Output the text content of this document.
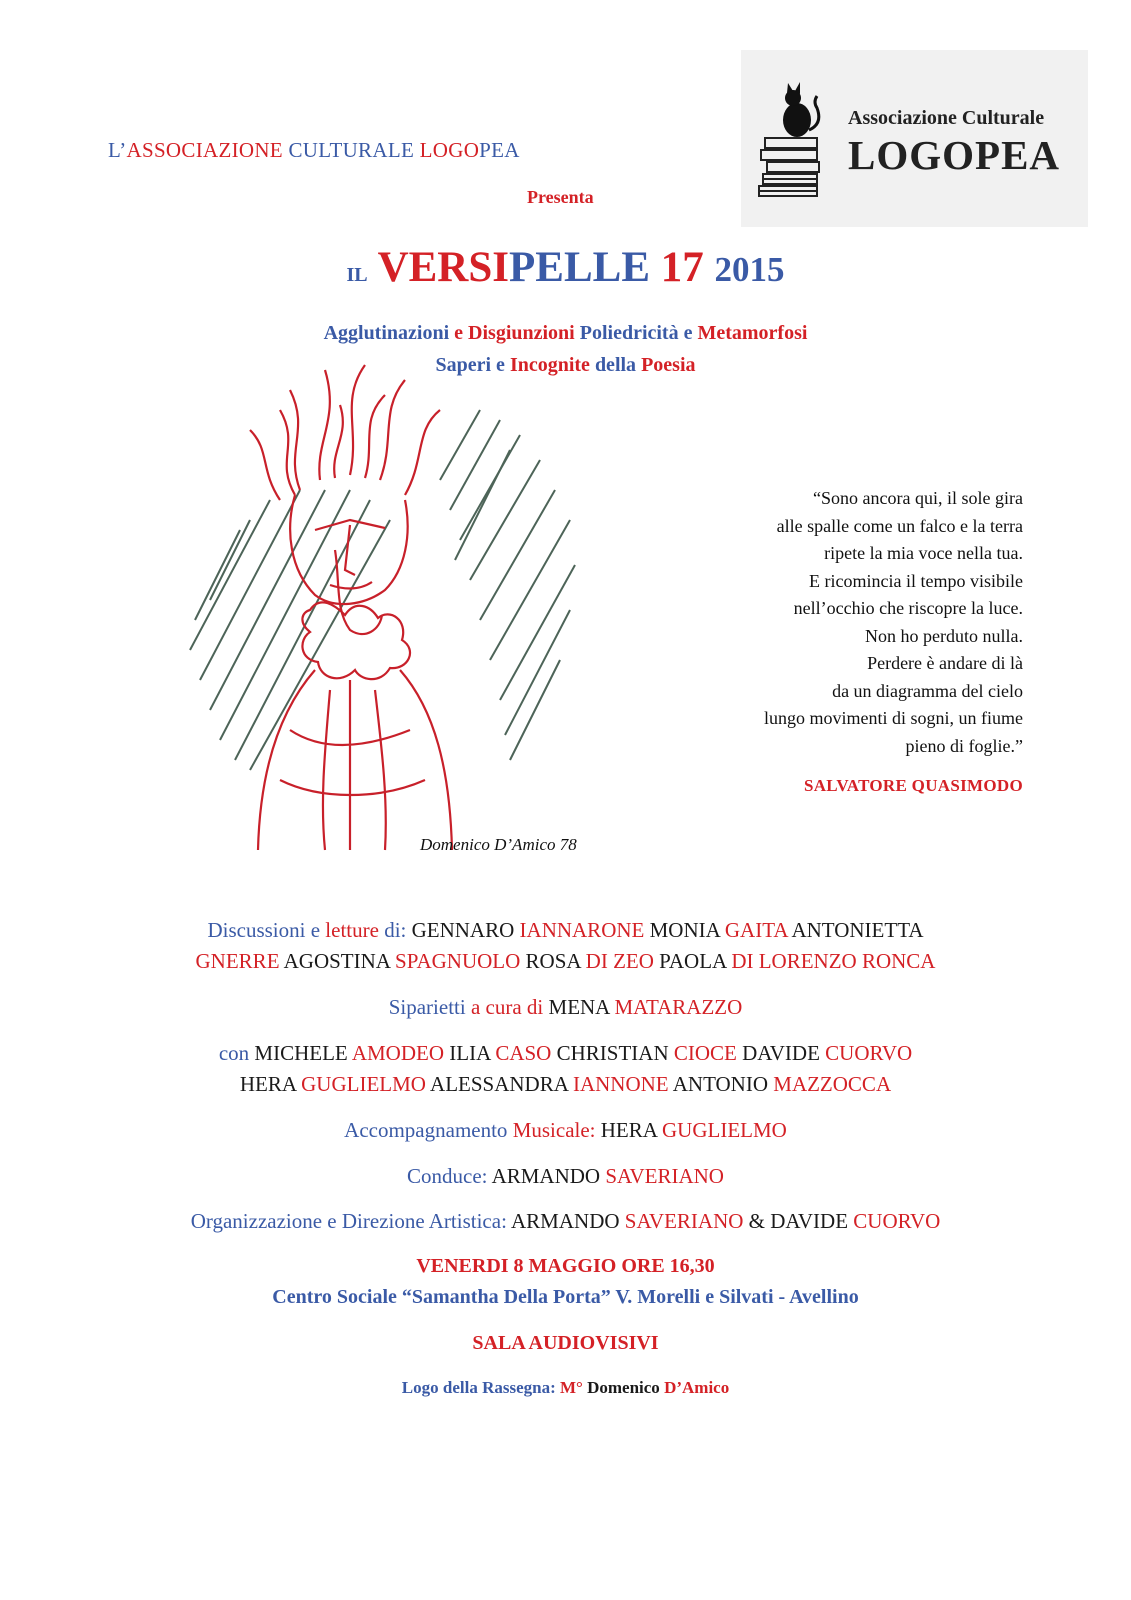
L’ASSOCIAZIONE CULTURALE LOGOPEA
Presenta
Associazione Culturale
LOGOPEA
IL VERSIPELLE 17 2015
Agglutinazioni e Disgiunzioni Poliedricità e Metamorfosi
Saperi e Incognite della Poesia
Domenico D’Amico 78
“Sono ancora qui, il sole gira
alle spalle come un falco e la terra
ripete la mia voce nella tua.
E ricomincia il tempo visibile
nell’occhio che riscopre la luce.
Non ho perduto nulla.
Perdere è andare di là
da un diagramma del cielo
lungo movimenti di sogni, un fiume
pieno di foglie.”
SALVATORE QUASIMODO
Discussioni e letture di: GENNARO IANNARONE MONIA GAITA ANTONIETTA
GNERRE AGOSTINA SPAGNUOLO ROSA DI ZEO PAOLA DI LORENZO RONCA
Siparietti a cura di MENA MATARAZZO
con MICHELE AMODEO ILIA CASO CHRISTIAN CIOCE DAVIDE CUORVO
HERA GUGLIELMO ALESSANDRA IANNONE ANTONIO MAZZOCCA
Accompagnamento Musicale: HERA GUGLIELMO
Conduce: ARMANDO SAVERIANO
Organizzazione e Direzione Artistica: ARMANDO SAVERIANO & DAVIDE CUORVO
VENERDI 8 MAGGIO ORE 16,30
Centro Sociale “Samantha Della Porta” V. Morelli e Silvati - Avellino
SALA AUDIOVISIVI
Logo della Rassegna: M° Domenico D’Amico
